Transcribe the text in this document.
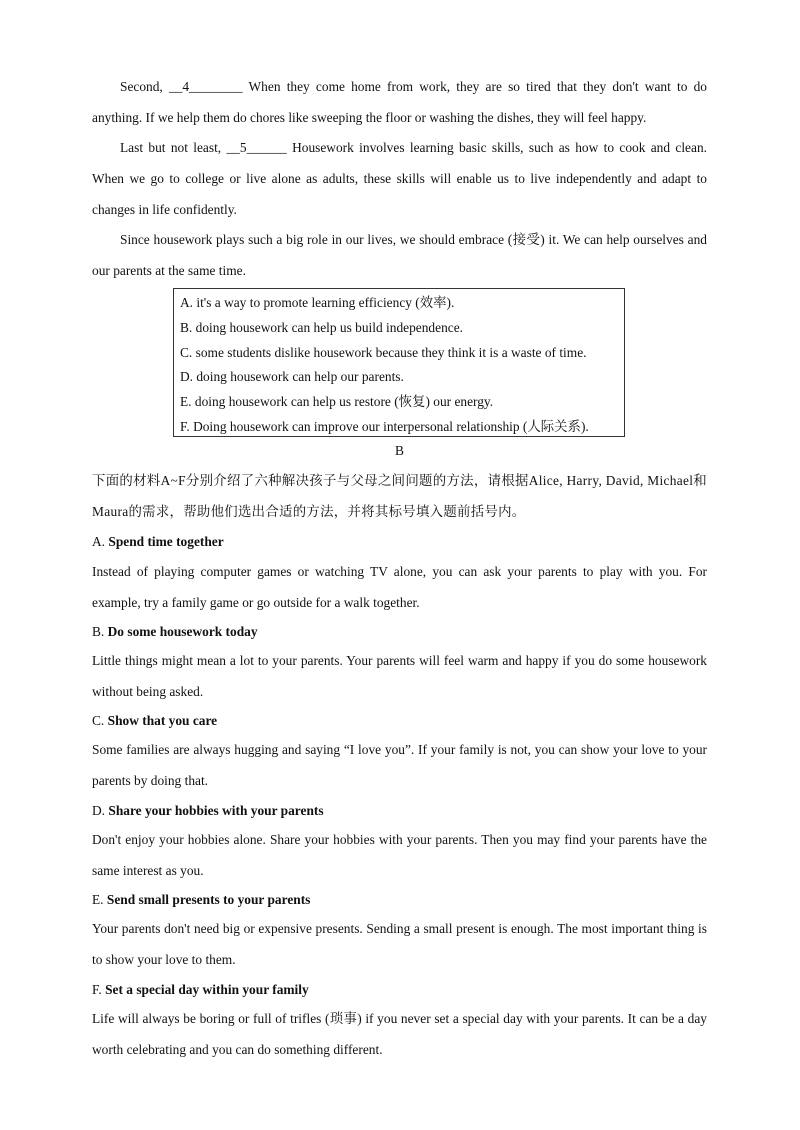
Second, __4________ When they come home from work, they are so tired that they don't want to do anything. If we help them do chores like sweeping the floor or washing the dishes, they will feel happy.

Last but not least, __5______ Housework involves learning basic skills, such as how to cook and clean. When we go to college or live alone as adults, these skills will enable us to live independently and adapt to changes in life confidently.

Since housework plays such a big role in our lives, we should embrace (接受) it. We can help ourselves and our parents at the same time.

A. it's a way to promote learning efficiency (效率).
B. doing housework can help us build independence.
C. some students dislike housework because they think it is a waste of time.
D. doing housework can help our parents.
E. doing housework can help us restore (恢复) our energy.
F. Doing housework can improve our interpersonal relationship (人际关系).
B

下面的材料A~F分别介绍了六种解决孩子与父母之间问题的方法，请根据Alice, Harry, David, Michael和Maura的需求，帮助他们选出合适的方法，并将其标号填入题前括号内。

A. Spend time together

Instead of playing computer games or watching TV alone, you can ask your parents to play with you. For example, try a family game or go outside for a walk together.

B. Do some housework today

Little things might mean a lot to your parents. Your parents will feel warm and happy if you do some housework without being asked.

C. Show that you care

Some families are always hugging and saying “I love you”. If your family is not, you can show your love to your parents by doing that.

D. Share your hobbies with your parents

Don't enjoy your hobbies alone. Share your hobbies with your parents. Then you may find your parents have the same interest as you.

E. Send small presents to your parents

Your parents don't need big or expensive presents. Sending a small present is enough. The most important thing is to show your love to them.

F. Set a special day within your family

Life will always be boring or full of trifles (琐事) if you never set a special day with your parents. It can be a day worth celebrating and you can do something different.
